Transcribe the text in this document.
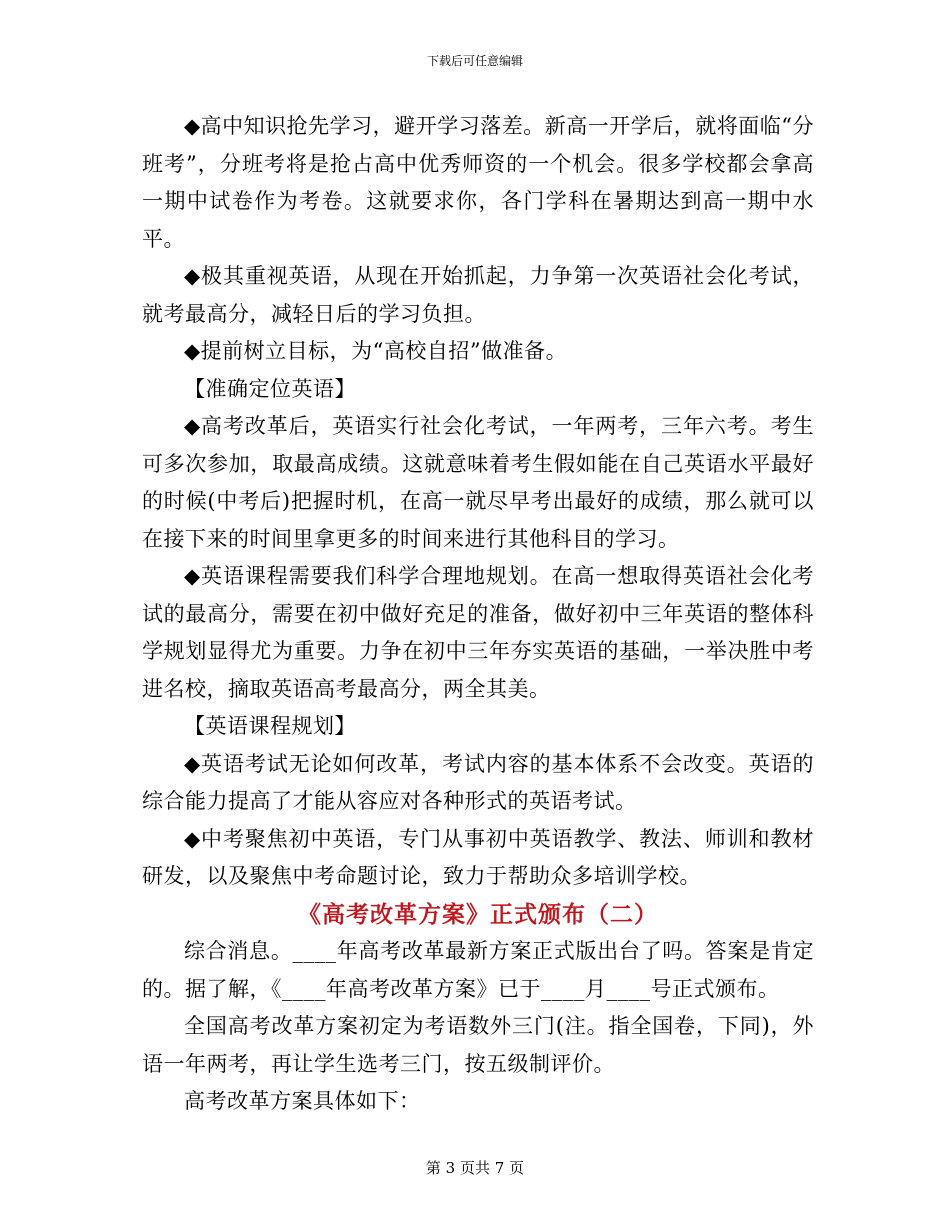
下载后可任意编辑

◆高中知识抢先学习，避开学习落差。新高一开学后，就将面临“分班考”，分班考将是抢占高中优秀师资的一个机会。很多学校都会拿高一期中试卷作为考卷。这就要求你，各门学科在暑期达到高一期中水平。

◆极其重视英语，从现在开始抓起，力争第一次英语社会化考试，就考最高分，减轻日后的学习负担。

◆提前树立目标，为“高校自招”做准备。

【准确定位英语】

◆高考改革后，英语实行社会化考试，一年两考，三年六考。考生可多次参加，取最高成绩。这就意味着考生假如能在自己英语水平最好的时候(中考后)把握时机，在高一就尽早考出最好的成绩，那么就可以在接下来的时间里拿更多的时间来进行其他科目的学习。

◆英语课程需要我们科学合理地规划。在高一想取得英语社会化考试的最高分，需要在初中做好充足的准备，做好初中三年英语的整体科学规划显得尤为重要。力争在初中三年夯实英语的基础，一举决胜中考进名校，摘取英语高考最高分，两全其美。

【英语课程规划】

◆英语考试无论如何改革，考试内容的基本体系不会改变。英语的综合能力提高了才能从容应对各种形式的英语考试。

◆中考聚焦初中英语，专门从事初中英语教学、教法、师训和教材研发，以及聚焦中考命题讨论，致力于帮助众多培训学校。

《高考改革方案》正式颁布（二）

综合消息。____年高考改革最新方案正式版出台了吗。答案是肯定的。据了解，《____年高考改革方案》已于____月____号正式颁布。

全国高考改革方案初定为考语数外三门(注。指全国卷，下同)，外语一年两考，再让学生选考三门，按五级制评价。

高考改革方案具体如下：

第 3 页共 7 页
